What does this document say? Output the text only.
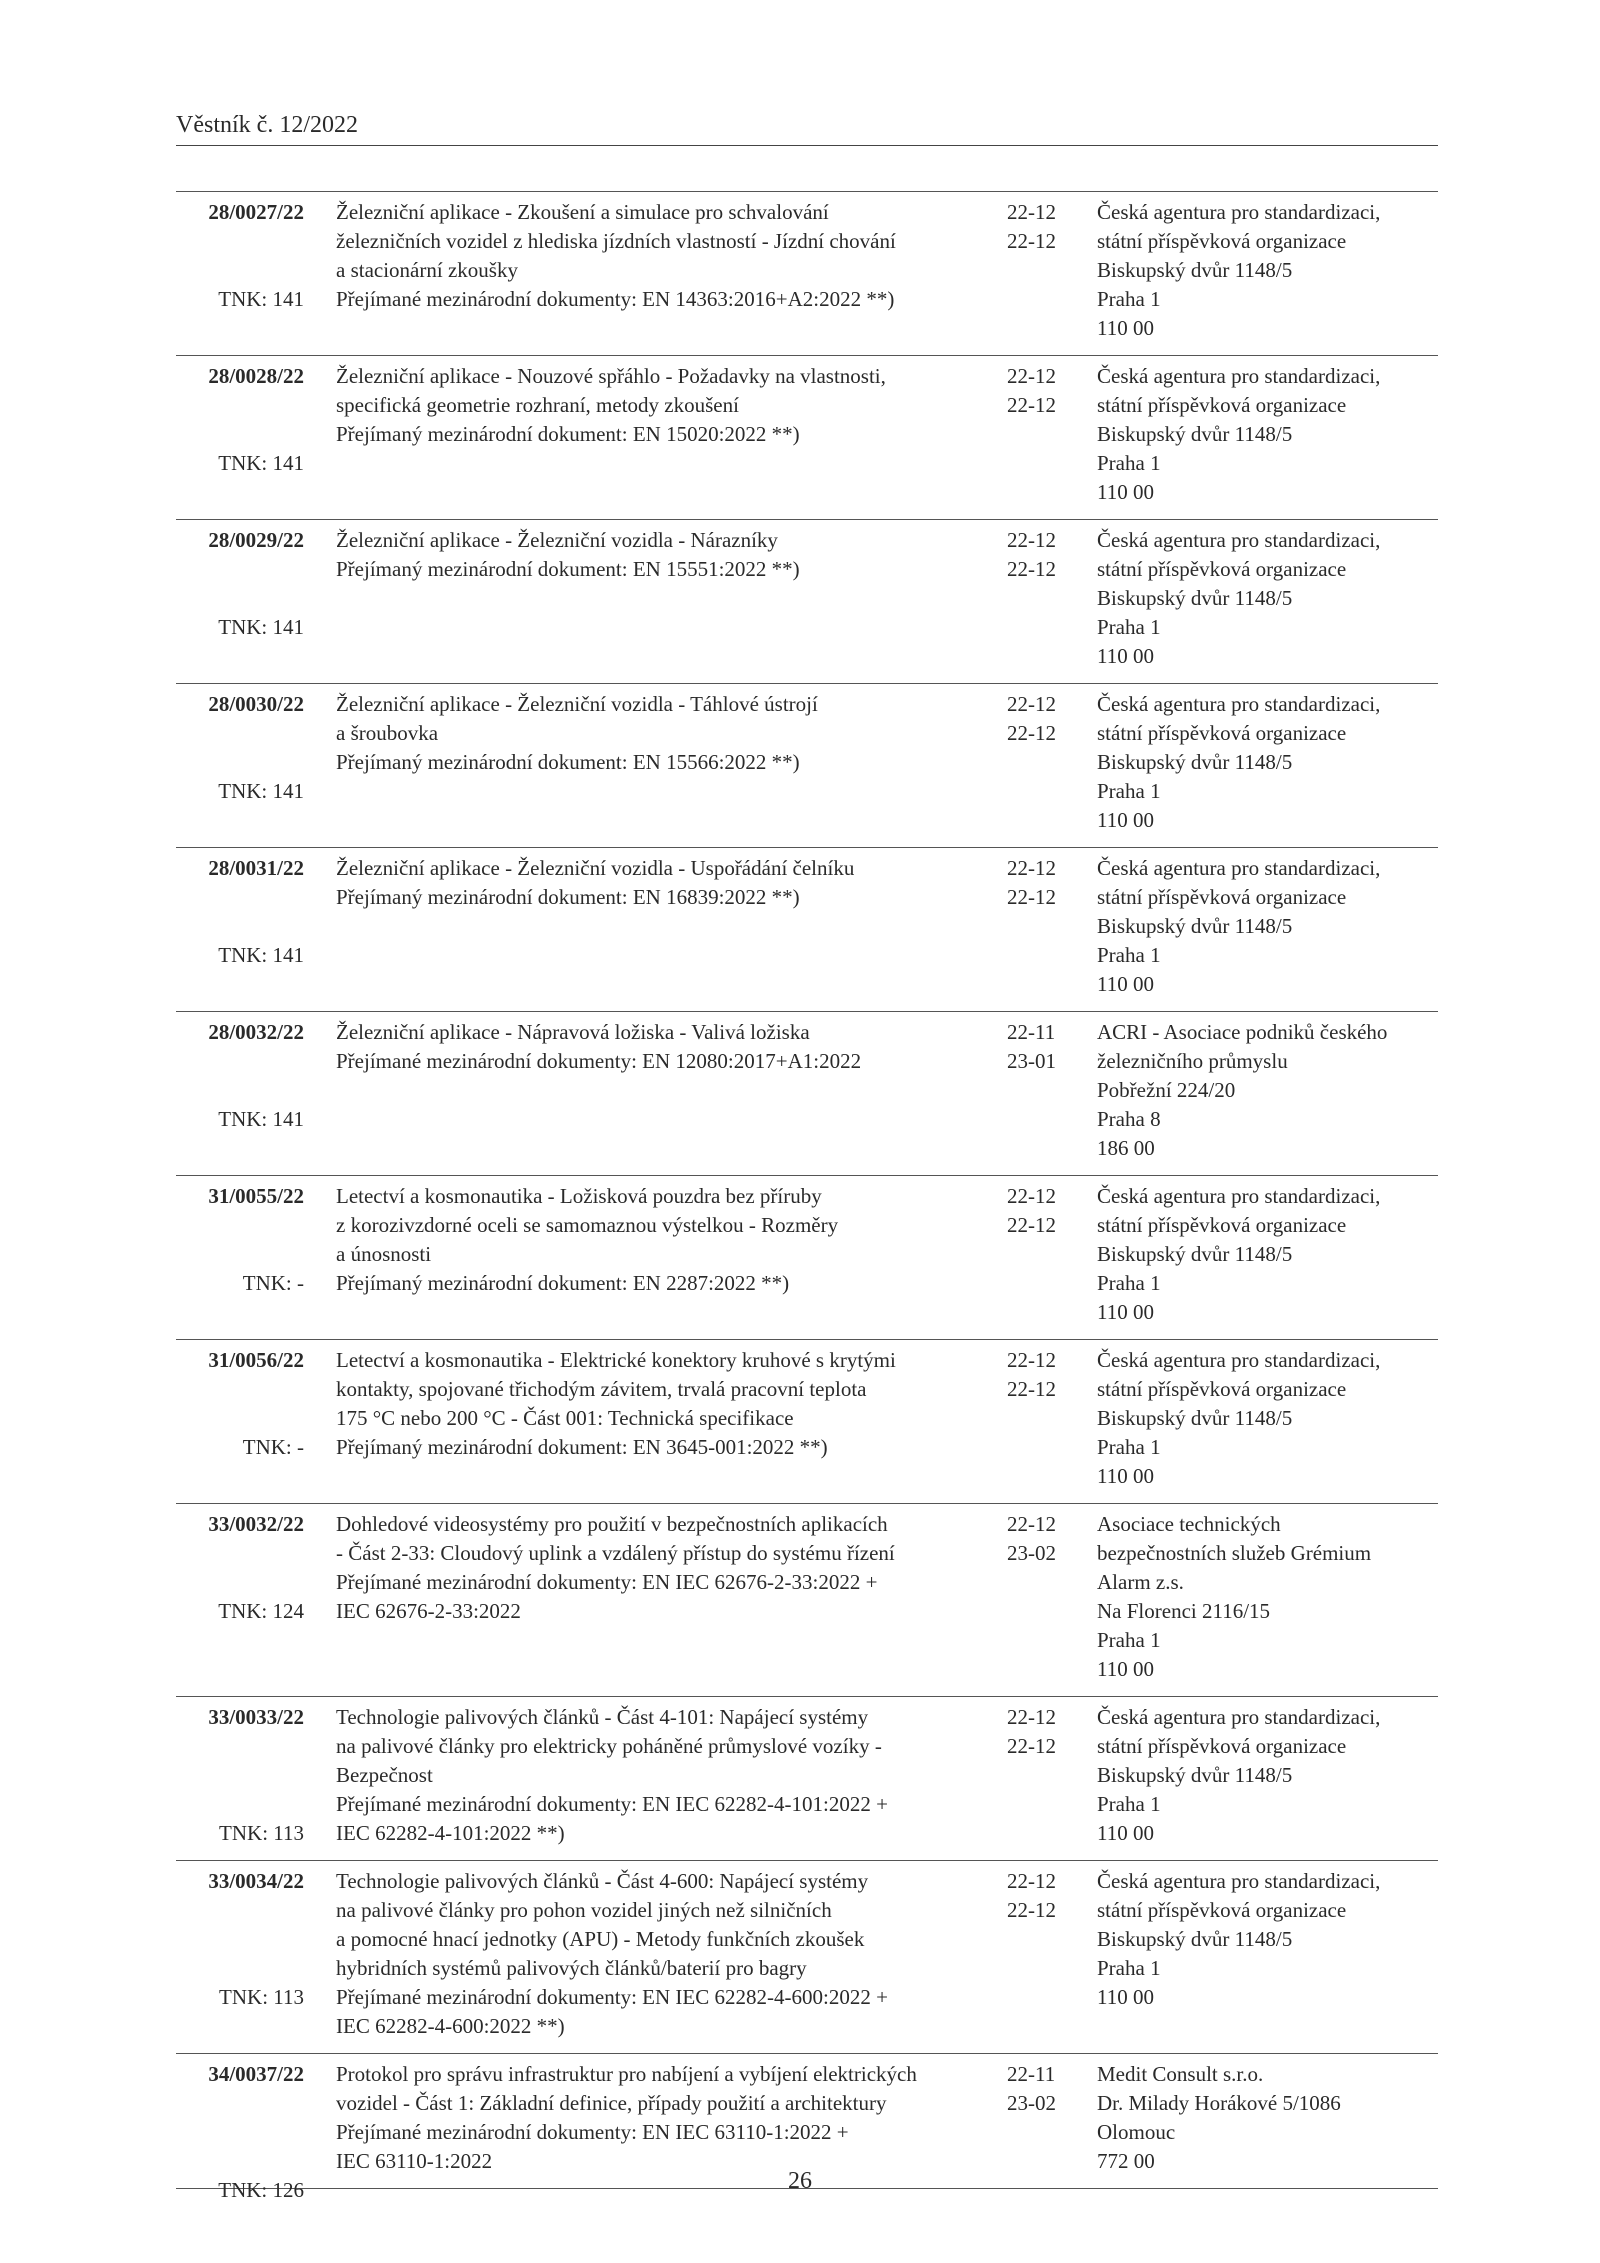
Věstník č. 12/2022
28/0027/22
TNK: 141
Železniční aplikace - Zkoušení a simulace pro schvalování
železničních vozidel z hlediska jízdních vlastností - Jízdní chování
a stacionární zkoušky
Přejímané mezinárodní dokumenty: EN 14363:2016+A2:2022 **)
22-12
22-12
Česká agentura pro standardizaci,
státní příspěvková organizace
Biskupský dvůr 1148/5
Praha 1
110 00
28/0028/22
TNK: 141
Železniční aplikace - Nouzové spřáhlo - Požadavky na vlastnosti,
specifická geometrie rozhraní, metody zkoušení
Přejímaný mezinárodní dokument: EN 15020:2022 **)
22-12
22-12
Česká agentura pro standardizaci,
státní příspěvková organizace
Biskupský dvůr 1148/5
Praha 1
110 00
28/0029/22
TNK: 141
Železniční aplikace - Železniční vozidla - Nárazníky
Přejímaný mezinárodní dokument: EN 15551:2022 **)
22-12
22-12
Česká agentura pro standardizaci,
státní příspěvková organizace
Biskupský dvůr 1148/5
Praha 1
110 00
28/0030/22
TNK: 141
Železniční aplikace - Železniční vozidla - Táhlové ústrojí
a šroubovka
Přejímaný mezinárodní dokument: EN 15566:2022 **)
22-12
22-12
Česká agentura pro standardizaci,
státní příspěvková organizace
Biskupský dvůr 1148/5
Praha 1
110 00
28/0031/22
TNK: 141
Železniční aplikace - Železniční vozidla - Uspořádání čelníku
Přejímaný mezinárodní dokument: EN 16839:2022 **)
22-12
22-12
Česká agentura pro standardizaci,
státní příspěvková organizace
Biskupský dvůr 1148/5
Praha 1
110 00
28/0032/22
TNK: 141
Železniční aplikace - Nápravová ložiska - Valivá ložiska
Přejímané mezinárodní dokumenty: EN 12080:2017+A1:2022
22-11
23-01
ACRI - Asociace podniků českého
železničního průmyslu
Pobřežní 224/20
Praha 8
186 00
31/0055/22
TNK: -
Letectví a kosmonautika - Ložisková pouzdra bez příruby
z korozivzdorné oceli se samomaznou výstelkou - Rozměry
a únosnosti
Přejímaný mezinárodní dokument: EN 2287:2022 **)
22-12
22-12
Česká agentura pro standardizaci,
státní příspěvková organizace
Biskupský dvůr 1148/5
Praha 1
110 00
31/0056/22
TNK: -
Letectví a kosmonautika - Elektrické konektory kruhové s krytými
kontakty, spojované třichodým závitem, trvalá pracovní teplota
175 °C nebo 200 °C - Část 001: Technická specifikace
Přejímaný mezinárodní dokument: EN 3645-001:2022 **)
22-12
22-12
Česká agentura pro standardizaci,
státní příspěvková organizace
Biskupský dvůr 1148/5
Praha 1
110 00
33/0032/22
TNK: 124
Dohledové videosystémy pro použití v bezpečnostních aplikacích
- Část 2-33: Cloudový uplink a vzdálený přístup do systému řízení
Přejímané mezinárodní dokumenty: EN IEC 62676-2-33:2022 +
IEC 62676-2-33:2022
22-12
23-02
Asociace technických
bezpečnostních služeb Grémium
Alarm z.s.
Na Florenci 2116/15
Praha 1
110 00
33/0033/22
TNK: 113
Technologie palivových článků - Část 4-101: Napájecí systémy
na palivové články pro elektricky poháněné průmyslové vozíky -
Bezpečnost
Přejímané mezinárodní dokumenty: EN IEC 62282-4-101:2022 +
IEC 62282-4-101:2022 **)
22-12
22-12
Česká agentura pro standardizaci,
státní příspěvková organizace
Biskupský dvůr 1148/5
Praha 1
110 00
33/0034/22
TNK: 113
Technologie palivových článků - Část 4-600: Napájecí systémy
na palivové články pro pohon vozidel jiných než silničních
a pomocné hnací jednotky (APU) - Metody funkčních zkoušek
hybridních systémů palivových článků/baterií pro bagry
Přejímané mezinárodní dokumenty: EN IEC 62282-4-600:2022 +
IEC 62282-4-600:2022 **)
22-12
22-12
Česká agentura pro standardizaci,
státní příspěvková organizace
Biskupský dvůr 1148/5
Praha 1
110 00
34/0037/22
TNK: 126
Protokol pro správu infrastruktur pro nabíjení a vybíjení elektrických
vozidel - Část 1: Základní definice, případy použití a architektury
Přejímané mezinárodní dokumenty: EN IEC 63110-1:2022 +
IEC 63110-1:2022
22-11
23-02
Medit Consult s.r.o.
Dr. Milady Horákové 5/1086
Olomouc
772 00
26
